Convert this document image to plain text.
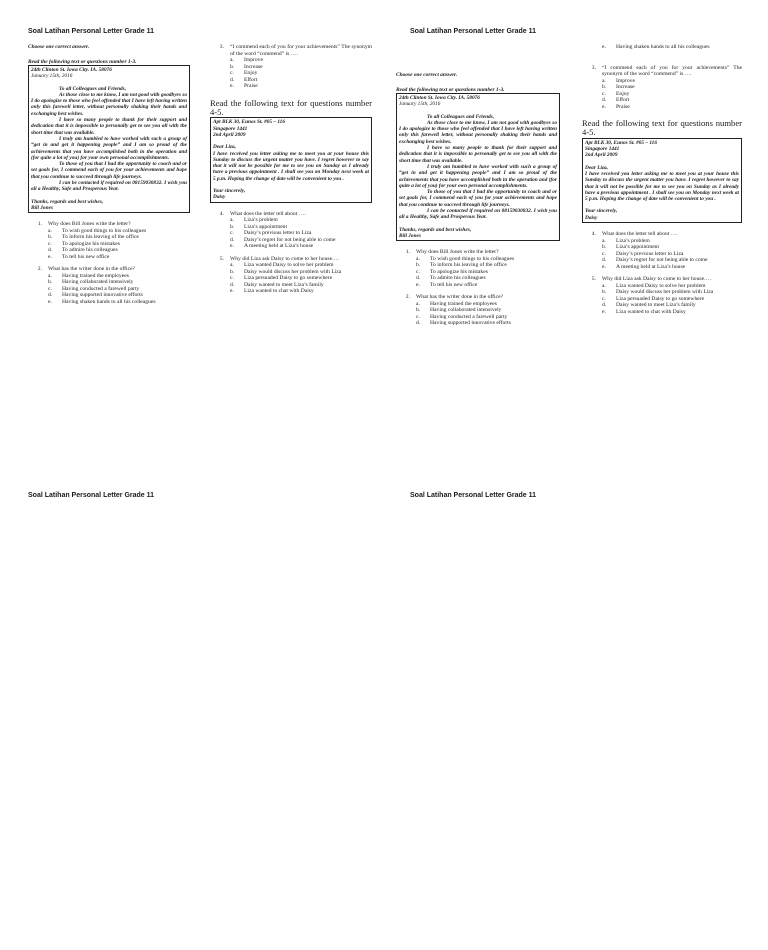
Soal Latihan Personal Letter Grade 11
Choose one correct answer.
Read the following text or questions number 1-3.

24th Clinton St. Iowa City. IA. 58076

January 15th, 2016

To all Colleagues and Friends,

As those close to me know, I am not good with goodbyes so I do apologize to those who feel offended that I have left having written only this farewell letter, without personally shaking their hands and exchanging best wishes.

I have so many people to thank for their support and dedication that it is impossible to personally get to see you all with the short time that was available.

I truly am humbled to have worked with such a group of “get in and get it happening people” and I am so proud of the achievements that you have accomplished both in the operation and (for quite a lot of you) for your own personal accomplishments.

To those of you that I had the opportunity to coach and or set goals for, I commend each of you for your achievements and hope that you continue to succeed through life journeys.

I can be contacted if required on 08159030832. I wish you all a Healthy, Safe and Prosperous Year.

Thanks, regards and best wishes,

Bill Jones

1.	Why does Bill Jones write the letter?
a.	To wish good things to his colleagues
b.	To inform his leaving of the office
c.	To apologize his mistakes
d.	To admire his colleagues
e.	To tell his new office
2.	What has the writer done in the office?
a.	Having trained the employees
b.	Having collaborated intensively
c.	Having conducted a farewell party
d.	Having supported innovative efforts
e.	Having shaken hands to all his colleagues
3.	“I commend each of you for your achievements” The synonym of the word “commend” is ….
a.	Improve
b.	Increase
c.	Enjoy
d.	Effort
e.	Praise
Read the following text for questions number 4-5.

Apt BLK 30, Eunos St. #05 – 116

Singapore 1441

2nd April 2009

Dear Liza,

I have received you letter asking me to meet you at your house this Sunday to discuss the urgent matter you have. I regret however to say that it will not be possible for me to see you on Sunday as I already have a previous appointment . I shall see you on Monday next week at 5 p.m. Hoping the change of date will be convenient to you .

Your sincerely,

Daisy

4.	What does the letter tell about ….
a.	Liza’s problem
b.	Liza’s appointment
c.	Daisy’s previous letter to Liza
d.	Daisy’s regret for not being able to come
e.	A meeting held at Liza’s house
5.	Why did Liza ask Daisy to come to her house….
a.	Liza wanted Daisy to solve her problem
b.	Daisy would discuss her problem with Liza
c.	Liza persuaded Daisy to go somewhere
d.	Daisy wanted to meet Liza’s family
e.	Liza wanted to chat with Daisy
Soal Latihan Personal Letter Grade 11
Choose one correct answer.
Read the following text or questions number 1-3.

24th Clinton St. Iowa City. IA. 58076

January 15th, 2016

To all Colleagues and Friends,

As those close to me know, I am not good with goodbyes so I do apologize to those who feel offended that I have left having written only this farewell letter, without personally shaking their hands and exchanging best wishes.

I have so many people to thank for their support and dedication that it is impossible to personally get to see you all with the short time that was available.

I truly am humbled to have worked with such a group of “get in and get it happening people” and I am so proud of the achievements that you have accomplished both in the operation and (for quite a lot of you) for your own personal accomplishments.

To those of you that I had the opportunity to coach and or set goals for, I commend each of you for your achievements and hope that you continue to succeed through life journeys.

I can be contacted if required on 08159030832. I wish you all a Healthy, Safe and Prosperous Year.

Thanks, regards and best wishes,

Bill Jones

1.	Why does Bill Jones write the letter?
a.	To wish good things to his colleagues
b.	To inform his leaving of the office
c.	To apologize his mistakes
d.	To admire his colleagues
e.	To tell his new office
2.	What has the writer done in the office?
a.	Having trained the employees
b.	Having collaborated intensively
c.	Having conducted a farewell party
d.	Having supported innovative efforts
e.	Having shaken hands to all his colleagues
3.	“I commend each of you for your achievements” The synonym of the word “commend” is ….
a.	Improve
b.	Increase
c.	Enjoy
d.	Effort
e.	Praise
Read the following text for questions number 4-5.

Apt BLK 30, Eunos St. #05 – 116

Singapore 1441

2nd April 2009

Dear Liza,

I have received you letter asking me to meet you at your house this Sunday to discuss the urgent matter you have. I regret however to say that it will not be possible for me to see you on Sunday as I already have a previous appointment . I shall see you on Monday next week at 5 p.m. Hoping the change of date will be convenient to you .

Your sincerely,

Daisy

4.	What does the letter tell about ….
a.	Liza’s problem
b.	Liza’s appointment
c.	Daisy’s previous letter to Liza
d.	Daisy’s regret for not being able to come
e.	A meeting held at Liza’s house
5.	Why did Liza ask Daisy to come to her house….
a.	Liza wanted Daisy to solve her problem
b.	Daisy would discuss her problem with Liza
c.	Liza persuaded Daisy to go somewhere
d.	Daisy wanted to meet Liza’s family
e.	Liza wanted to chat with Daisy
Soal Latihan Personal Letter Grade 11	Soal Latihan Personal Letter Grade 11
